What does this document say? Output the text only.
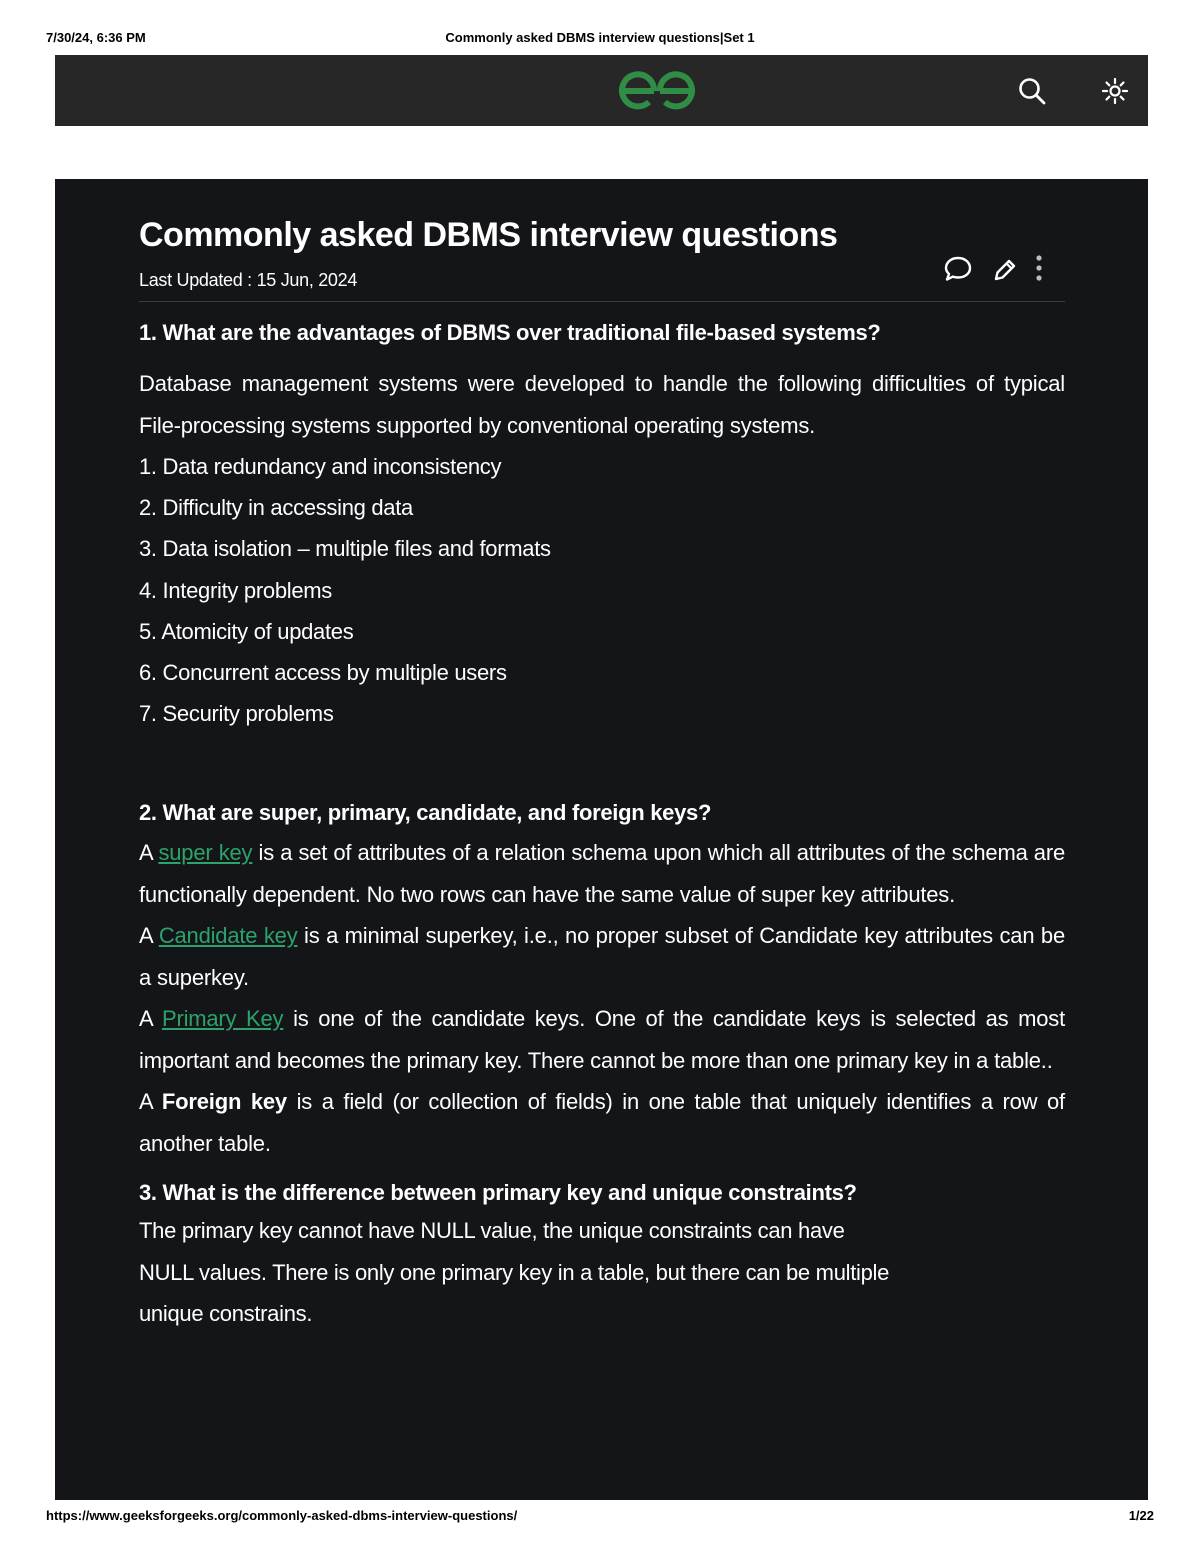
7/30/24, 6:36 PM	Commonly asked DBMS interview questions|Set 1
Commonly asked DBMS interview questions
Last Updated : 15 Jun, 2024
1. What are the advantages of DBMS over traditional file-based systems?
Database management systems were developed to handle the following difficulties of typical File-processing systems supported by conventional operating systems.
1. Data redundancy and inconsistency
2. Difficulty in accessing data
3. Data isolation – multiple files and formats
4. Integrity problems
5. Atomicity of updates
6. Concurrent access by multiple users
7. Security problems
2. What are super, primary, candidate, and foreign keys?
A super key is a set of attributes of a relation schema upon which all attributes of the schema are functionally dependent. No two rows can have the same value of super key attributes.
A Candidate key is a minimal superkey, i.e., no proper subset of Candidate key attributes can be a superkey.
A Primary Key is one of the candidate keys. One of the candidate keys is selected as most important and becomes the primary key. There cannot be more than one primary key in a table..
A Foreign key is a field (or collection of fields) in one table that uniquely identifies a row of another table.
3. What is the difference between primary key and unique constraints?
The primary key cannot have NULL value, the unique constraints can have
NULL values. There is only one primary key in a table, but there can be multiple
unique constrains.
https://www.geeksforgeeks.org/commonly-asked-dbms-interview-questions/	1/22
